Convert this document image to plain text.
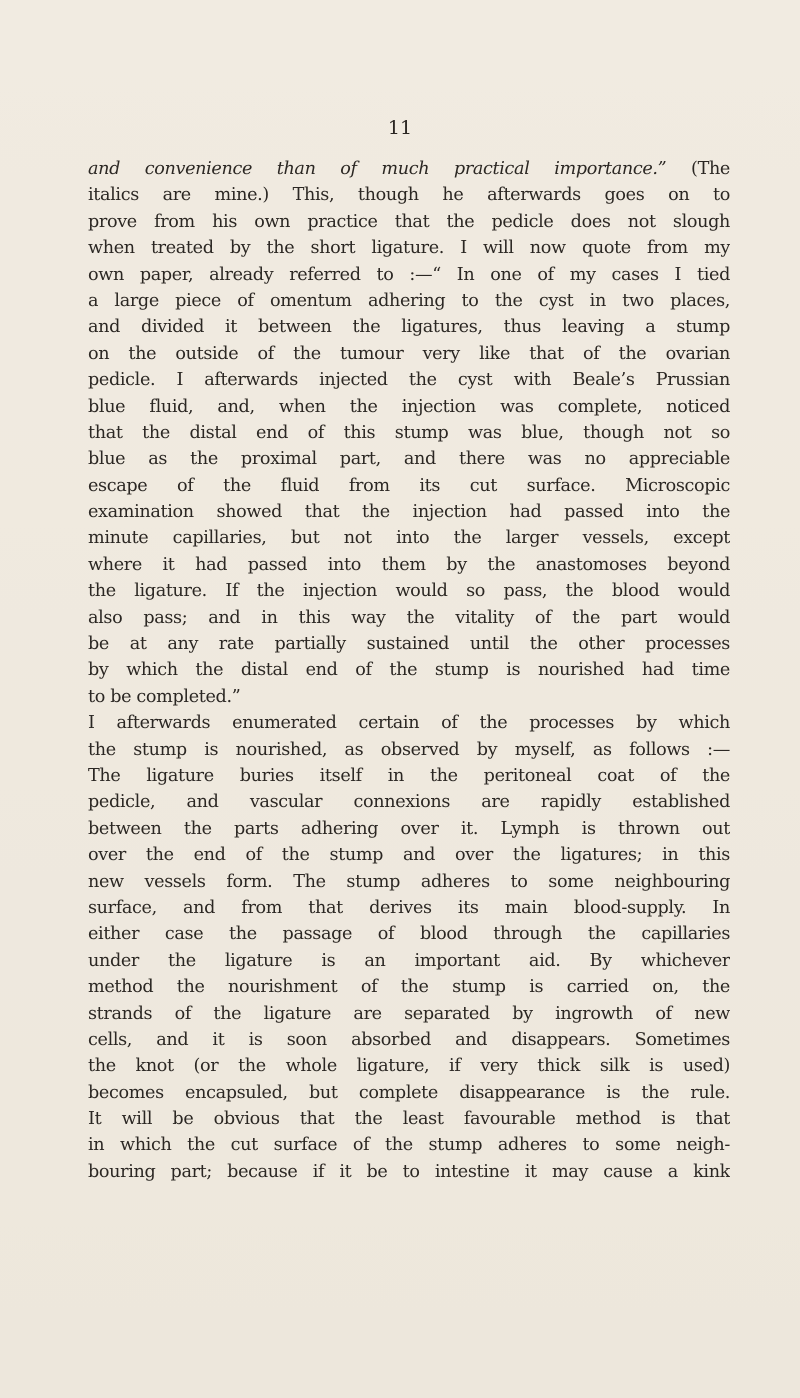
11

and convenience than of much practical importance.” (The

italics are mine.) This, though he afterwards goes on to

prove from his own practice that the pedicle does not slough

when treated by the short ligature. I will now quote from my

own paper, already referred to :—“ In one of my cases I tied

a large piece of omentum adhering to the cyst in two places,

and divided it between the ligatures, thus leaving a stump

on the outside of the tumour very like that of the ovarian

pedicle. I afterwards injected the cyst with Beale’s Prussian

blue fluid, and, when the injection was complete, noticed

that the distal end of this stump was blue, though not so

blue as the proximal part, and there was no appreciable

escape of the fluid from its cut surface. Microscopic

examination showed that the injection had passed into the

minute capillaries, but not into the larger vessels, except

where it had passed into them by the anastomoses beyond

the ligature. If the injection would so pass, the blood would

also pass; and in this way the vitality of the part would

be at any rate partially sustained until the other processes

by which the distal end of the stump is nourished had time

to be completed.”

I afterwards enumerated certain of the processes by which

the stump is nourished, as observed by myself, as follows :—

The ligature buries itself in the peritoneal coat of the

pedicle, and vascular connexions are rapidly established

between the parts adhering over it. Lymph is thrown out

over the end of the stump and over the ligatures; in this

new vessels form. The stump adheres to some neighbouring

surface, and from that derives its main blood-supply. In

either case the passage of blood through the capillaries

under the ligature is an important aid. By whichever

method the nourishment of the stump is carried on, the

strands of the ligature are separated by ingrowth of new

cells, and it is soon absorbed and disappears. Sometimes

the knot (or the whole ligature, if very thick silk is used)

becomes encapsuled, but complete disappearance is the rule.

It will be obvious that the least favourable method is that

in which the cut surface of the stump adheres to some neigh-

bouring part; because if it be to intestine it may cause a kink
